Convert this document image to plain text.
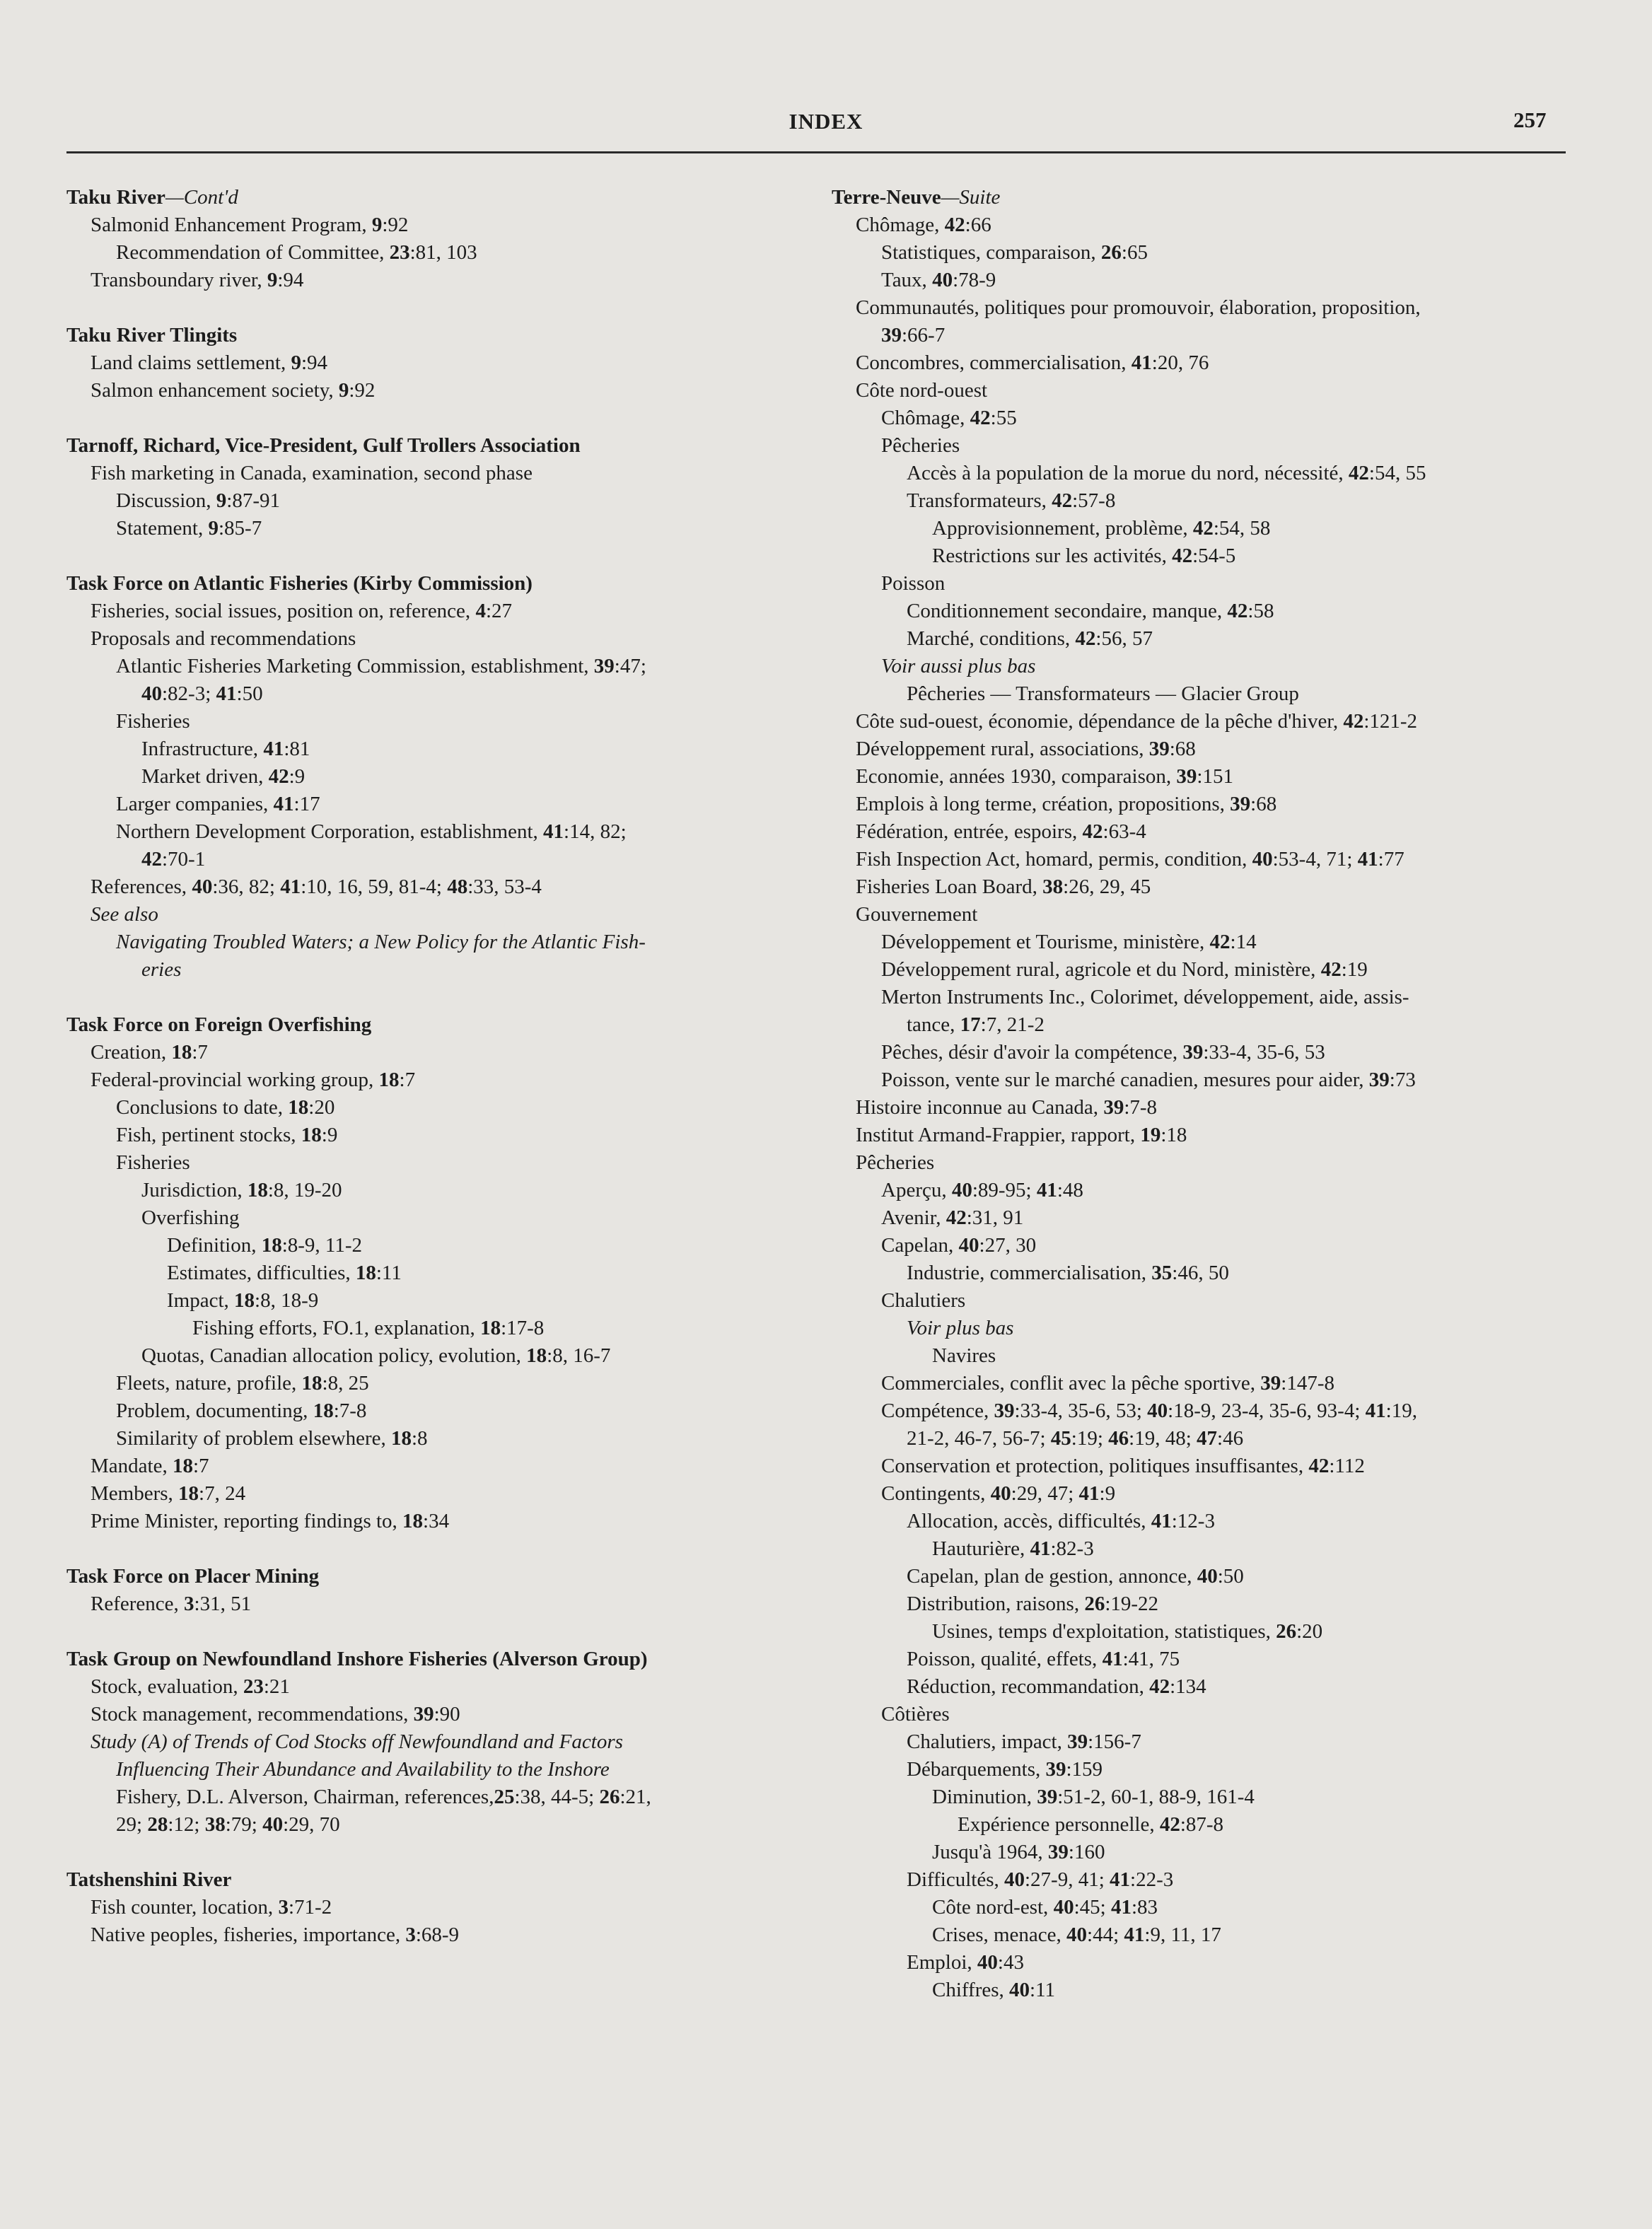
INDEX	257
Taku River—Cont'd
Salmonid Enhancement Program, 9:92
Recommendation of Committee, 23:81, 103
Transboundary river, 9:94
Taku River Tlingits
Land claims settlement, 9:94
Salmon enhancement society, 9:92
Tarnoff, Richard, Vice-President, Gulf Trollers Association
Fish marketing in Canada, examination, second phase
Discussion, 9:87-91
Statement, 9:85-7
Task Force on Atlantic Fisheries (Kirby Commission)
Fisheries, social issues, position on, reference, 4:27
Proposals and recommendations
Atlantic Fisheries Marketing Commission, establishment, 39:47;
40:82-3; 41:50
Fisheries
Infrastructure, 41:81
Market driven, 42:9
Larger companies, 41:17
Northern Development Corporation, establishment, 41:14, 82;
42:70-1
References, 40:36, 82; 41:10, 16, 59, 81-4; 48:33, 53-4
See also
Navigating Troubled Waters; a New Policy for the Atlantic Fish-
eries
Task Force on Foreign Overfishing
Creation, 18:7
Federal-provincial working group, 18:7
Conclusions to date, 18:20
Fish, pertinent stocks, 18:9
Fisheries
Jurisdiction, 18:8, 19-20
Overfishing
Definition, 18:8-9, 11-2
Estimates, difficulties, 18:11
Impact, 18:8, 18-9
Fishing efforts, FO.1, explanation, 18:17-8
Quotas, Canadian allocation policy, evolution, 18:8, 16-7
Fleets, nature, profile, 18:8, 25
Problem, documenting, 18:7-8
Similarity of problem elsewhere, 18:8
Mandate, 18:7
Members, 18:7, 24
Prime Minister, reporting findings to, 18:34
Task Force on Placer Mining
Reference, 3:31, 51
Task Group on Newfoundland Inshore Fisheries (Alverson Group)
Stock, evaluation, 23:21
Stock management, recommendations, 39:90
Study (A) of Trends of Cod Stocks off Newfoundland and Factors
Influencing Their Abundance and Availability to the Inshore
Fishery, D.L. Alverson, Chairman, references,25:38, 44-5; 26:21,
29; 28:12; 38:79; 40:29, 70
Tatshenshini River
Fish counter, location, 3:71-2
Native peoples, fisheries, importance, 3:68-9
Terre-Neuve—Suite
Chômage, 42:66
Statistiques, comparaison, 26:65
Taux, 40:78-9
Communautés, politiques pour promouvoir, élaboration, proposition,
39:66-7
Concombres, commercialisation, 41:20, 76
Côte nord-ouest
Chômage, 42:55
Pêcheries
Accès à la population de la morue du nord, nécessité, 42:54, 55
Transformateurs, 42:57-8
Approvisionnement, problème, 42:54, 58
Restrictions sur les activités, 42:54-5
Poisson
Conditionnement secondaire, manque, 42:58
Marché, conditions, 42:56, 57
Voir aussi plus bas
Pêcheries — Transformateurs — Glacier Group
Côte sud-ouest, économie, dépendance de la pêche d'hiver, 42:121-2
Développement rural, associations, 39:68
Economie, années 1930, comparaison, 39:151
Emplois à long terme, création, propositions, 39:68
Fédération, entrée, espoirs, 42:63-4
Fish Inspection Act, homard, permis, condition, 40:53-4, 71; 41:77
Fisheries Loan Board, 38:26, 29, 45
Gouvernement
Développement et Tourisme, ministère, 42:14
Développement rural, agricole et du Nord, ministère, 42:19
Merton Instruments Inc., Colorimet, développement, aide, assis-
tance, 17:7, 21-2
Pêches, désir d'avoir la compétence, 39:33-4, 35-6, 53
Poisson, vente sur le marché canadien, mesures pour aider, 39:73
Histoire inconnue au Canada, 39:7-8
Institut Armand-Frappier, rapport, 19:18
Pêcheries
Aperçu, 40:89-95; 41:48
Avenir, 42:31, 91
Capelan, 40:27, 30
Industrie, commercialisation, 35:46, 50
Chalutiers
Voir plus bas
Navires
Commerciales, conflit avec la pêche sportive, 39:147-8
Compétence, 39:33-4, 35-6, 53; 40:18-9, 23-4, 35-6, 93-4; 41:19,
21-2, 46-7, 56-7; 45:19; 46:19, 48; 47:46
Conservation et protection, politiques insuffisantes, 42:112
Contingents, 40:29, 47; 41:9
Allocation, accès, difficultés, 41:12-3
Hauturière, 41:82-3
Capelan, plan de gestion, annonce, 40:50
Distribution, raisons, 26:19-22
Usines, temps d'exploitation, statistiques, 26:20
Poisson, qualité, effets, 41:41, 75
Réduction, recommandation, 42:134
Côtières
Chalutiers, impact, 39:156-7
Débarquements, 39:159
Diminution, 39:51-2, 60-1, 88-9, 161-4
Expérience personnelle, 42:87-8
Jusqu'à 1964, 39:160
Difficultés, 40:27-9, 41; 41:22-3
Côte nord-est, 40:45; 41:83
Crises, menace, 40:44; 41:9, 11, 17
Emploi, 40:43
Chiffres, 40:11
